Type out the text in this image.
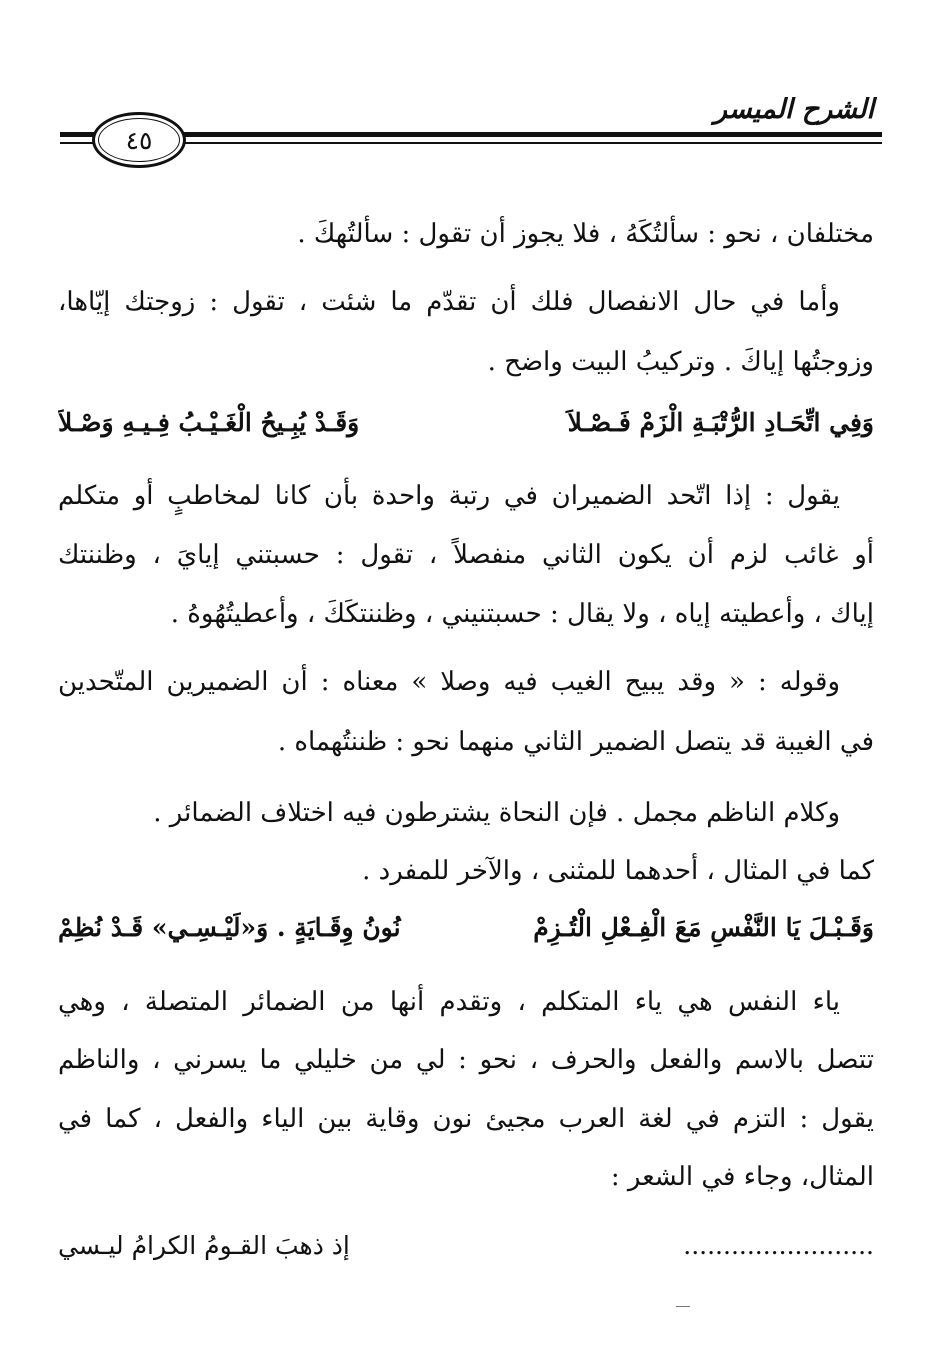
الشرح الميسر
٤٥
مختلفان ، نحو : سألتُكَهُ ، فلا يجوز أن تقول : سألتُهكَ .
وأما في حال الانفصال فلك أن تقدّم ما شئت ، تقول : زوجتك إيّاها،
وزوجتُها إياكَ . وتركيبُ البيت واضح .
وَفِي اتِّحَـادِ الرُّتْبَـةِ الْزَمْ فَـصْـلاَ
وَقَـدْ يُبِـيحُ الْغَـيْـبُ فِـيـهِ وَصْـلاَ
يقول : إذا اتّحد الضميران في رتبة واحدة بأن كانا لمخاطبٍ أو متكلم
أو غائب لزم أن يكون الثاني منفصلاً ، تقول : حسبتني إيايَ ، وظننتك
إياك ، وأعطيته إياه ، ولا يقال : حسبتنيني ، وظننتكَكَ ، وأعطيتُهُوهُ .
وقوله : « وقد يبيح الغيب فيه وصلا » معناه : أن الضميرين المتّحدين
في الغيبة قد يتصل الضمير الثاني منهما نحو : ظننتُهماه .
وكلام الناظم مجمل . فإن النحاة يشترطون فيه اختلاف الضمائر .
كما في المثال ، أحدهما للمثنى ، والآخر للمفرد .
وَقَـبْـلَ يَا النَّفْسِ مَعَ الْفِـعْلِ الْتُـزِمْ
نُونُ وِقَـايَةٍ . وَ«لَيْـسِـي» قَـدْ نُظِمْ
ياء النفس هي ياء المتكلم ، وتقدم أنها من الضمائر المتصلة ، وهي
تتصل بالاسم والفعل والحرف ، نحو : لي من خليلي ما يسرني ، والناظم
يقول : التزم في لغة العرب مجيئ نون وقاية بين الياء والفعل ، كما في
المثال، وجاء في الشعر :
........................
إذ ذهبَ القـومُ الكرامُ ليـسي
